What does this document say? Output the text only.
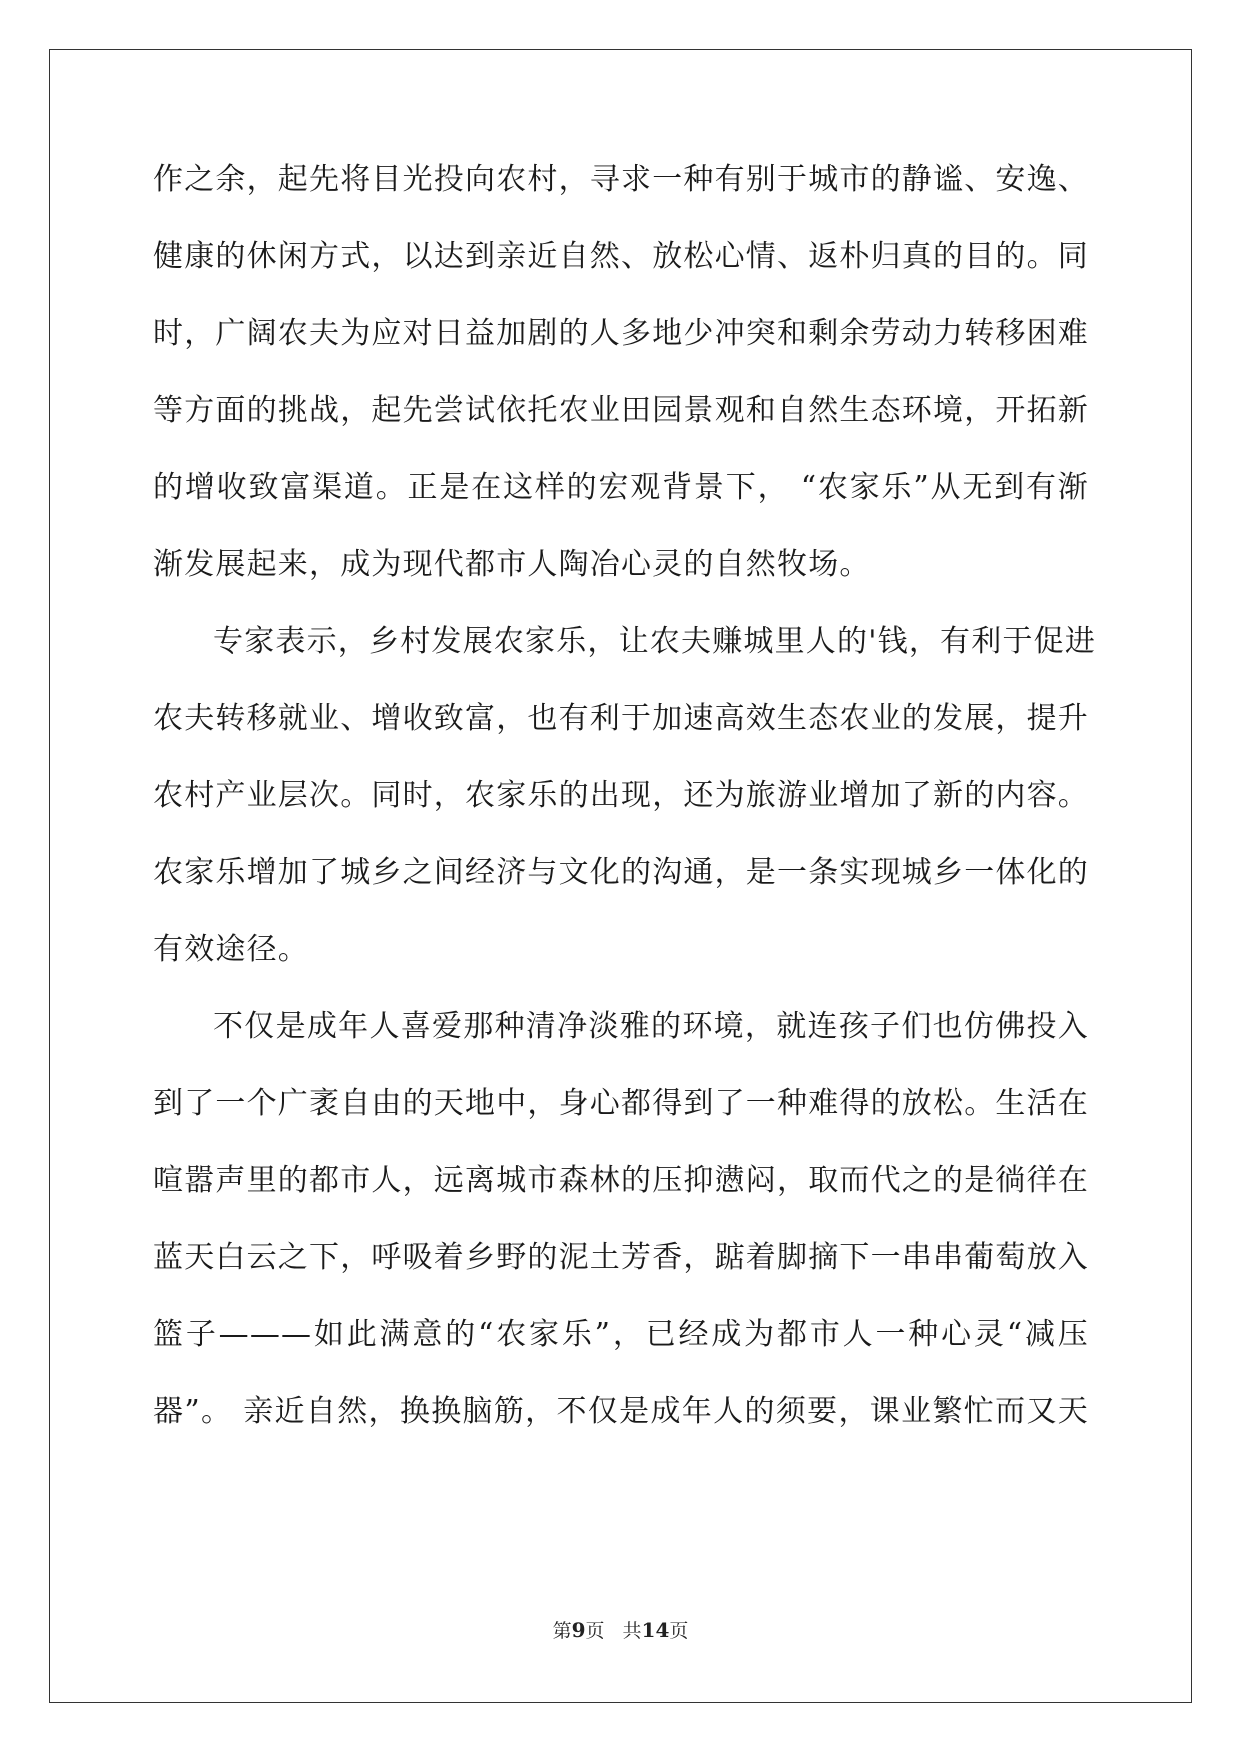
作之余，起先将目光投向农村，寻求一种有别于城市的静谧、安逸、
健康的休闲方式，以达到亲近自然、放松心情、返朴归真的目的。同
时，广阔农夫为应对日益加剧的人多地少冲突和剩余劳动力转移困难
等方面的挑战，起先尝试依托农业田园景观和自然生态环境，开拓新
的增收致富渠道。正是在这样的宏观背景下， “农家乐”从无到有渐
渐发展起来，成为现代都市人陶冶心灵的自然牧场。
专家表示，乡村发展农家乐，让农夫赚城里人的'钱，有利于促进
农夫转移就业、增收致富，也有利于加速高效生态农业的发展，提升
农村产业层次。同时，农家乐的出现，还为旅游业增加了新的内容。
农家乐增加了城乡之间经济与文化的沟通，是一条实现城乡一体化的
有效途径。
不仅是成年人喜爱那种清净淡雅的环境，就连孩子们也仿佛投入
到了一个广袤自由的天地中，身心都得到了一种难得的放松。生活在
喧嚣声里的都市人，远离城市森林的压抑懑闷，取而代之的是徜徉在
蓝天白云之下，呼吸着乡野的泥土芳香，踮着脚摘下一串串葡萄放入
篮子———如此满意的“农家乐”，已经成为都市人一种心灵“减压
器”。 亲近自然，换换脑筋，不仅是成年人的须要，课业繁忙而又天
第9页 共14页
